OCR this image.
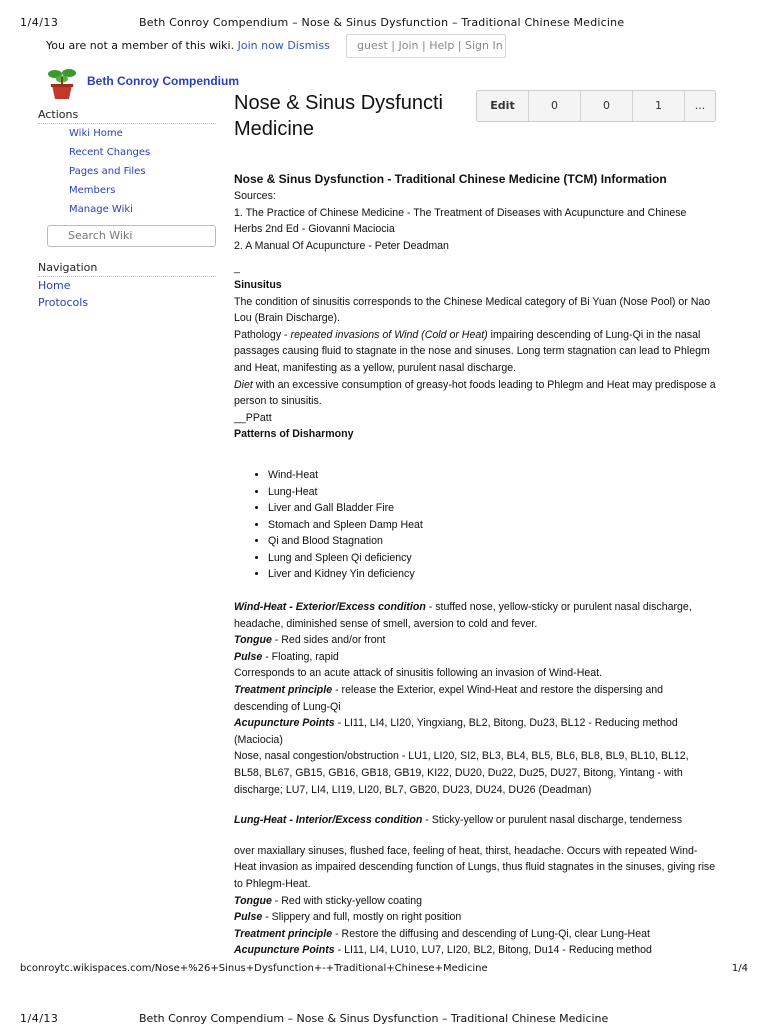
1/4/13	Beth Conroy Compendium – Nose & Sinus Dysfunction – Traditional Chinese Medicine
You are not a member of this wiki. Join now Dismiss	guest | Join | Help | Sign In
Beth Conroy Compendium
Actions
Wiki Home
Recent Changes
Pages and Files
Members
Manage Wiki
Search Wiki
Navigation
Home
Protocols
Nose & Sinus Dysfuncti
Medicine
Edit	0	0	1	...
Nose & Sinus Dysfunction - Traditional Chinese Medicine (TCM) Information
Sources:
1. The Practice of Chinese Medicine - The Treatment of Diseases with Acupuncture and Chinese Herbs 2nd Ed - Giovanni Maciocia
2. A Manual Of Acupuncture - Peter Deadman
_
Sinusitus
The condition of sinusitis corresponds to the Chinese Medical category of Bi Yuan (Nose Pool) or Nao Lou (Brain Discharge).
Pathology - repeated invasions of Wind (Cold or Heat) impairing descending of Lung-Qi in the nasal passages causing fluid to stagnate in the nose and sinuses. Long term stagnation can lead to Phlegm and Heat, manifesting as a yellow, purulent nasal discharge.
Diet with an excessive consumption of greasy-hot foods leading to Phlegm and Heat may predispose a person to sinusitis.
__PPatt
Patterns of Disharmony
• Wind-Heat
• Lung-Heat
• Liver and Gall Bladder Fire
• Stomach and Spleen Damp Heat
• Qi and Blood Stagnation
• Lung and Spleen Qi deficiency
• Liver and Kidney Yin deficiency
Wind-Heat - Exterior/Excess condition - stuffed nose, yellow-sticky or purulent nasal discharge, headache, diminished sense of smell, aversion to cold and fever.
Tongue - Red sides and/or front
Pulse - Floating, rapid
Corresponds to an acute attack of sinusitis following an invasion of Wind-Heat.
Treatment principle - release the Exterior, expel Wind-Heat and restore the dispersing and descending of Lung-Qi
Acupuncture Points - LI11, LI4, LI20, Yingxiang, BL2, Bitong, Du23, BL12 - Reducing method (Maciocia)
Nose, nasal congestion/obstruction - LU1, LI20, SI2, BL3, BL4, BL5, BL6, BL8, BL9, BL10, BL12, BL58, BL67, GB15, GB16, GB18, GB19, KI22, DU20, Du22, Du25, DU27, Bitong, Yintang - with discharge; LU7, LI4, LI19, LI20, BL7, GB20, DU23, DU24, DU26 (Deadman)
Lung-Heat - Interior/Excess condition - Sticky-yellow or purulent nasal discharge, tenderness
over maxiallary sinuses, flushed face, feeling of heat, thirst, headache. Occurs with repeated Wind-Heat invasion as impaired descending function of Lungs, thus fluid stagnates in the sinuses, giving rise to Phlegm-Heat.
Tongue - Red with sticky-yellow coating
Pulse - Slippery and full, mostly on right position
Treatment principle - Restore the diffusing and descending of Lung-Qi, clear Lung-Heat
Acupuncture Points - LI11, LI4, LU10, LU7, LI20, BL2, Bitong, Du14 - Reducing method
bconroytc.wikispaces.com/Nose+%26+Sinus+Dysfunction+-+Traditional+Chinese+Medicine	1/4
1/4/13	Beth Conroy Compendium – Nose & Sinus Dysfunction – Traditional Chinese Medicine
